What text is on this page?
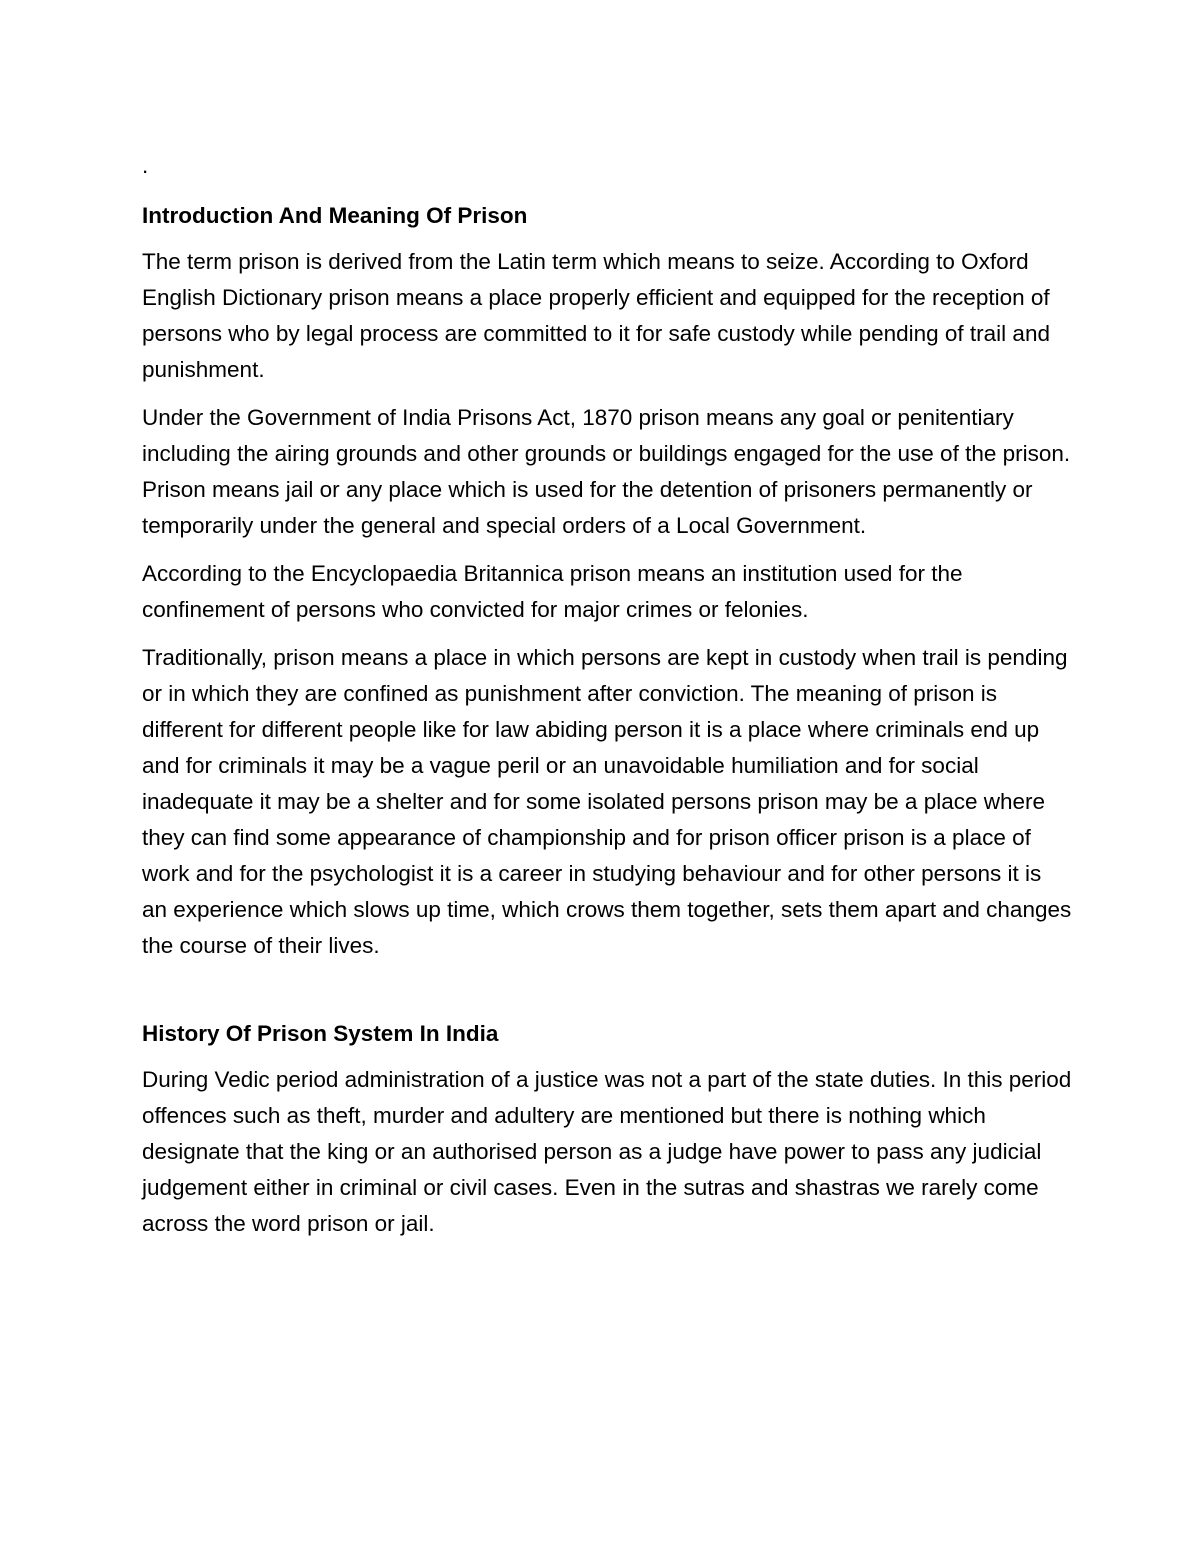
.
Introduction And Meaning Of Prison

The term prison is derived from the Latin term which means to seize. According to Oxford English Dictionary prison means a place properly efficient and equipped for the reception of persons who by legal process are committed to it for safe custody while pending of trail and punishment.

Under the Government of India Prisons Act, 1870 prison means any goal or penitentiary including the airing grounds and other grounds or buildings engaged for the use of the prison. Prison means jail or any place which is used for the detention of prisoners permanently or temporarily under the general and special orders of a Local Government.

According to the Encyclopaedia Britannica prison means an institution used for the confinement of persons who convicted for major crimes or felonies.

Traditionally, prison means a place in which persons are kept in custody when trail is pending or in which they are confined as punishment after conviction. The meaning of prison is different for different people like for law abiding person it is a place where criminals end up and for criminals it may be a vague peril or an unavoidable humiliation and for social inadequate it may be a shelter and for some isolated persons prison may be a place where they can find some appearance of championship and for prison officer prison is a place of work and for the psychologist it is a career in studying behaviour and for other persons it is an experience which slows up time, which crows them together, sets them apart and changes the course of their lives.

History Of Prison System In India

During Vedic period administration of a justice was not a part of the state duties. In this period offences such as theft, murder and adultery are mentioned but there is nothing which designate that the king or an authorised person as a judge have power to pass any judicial judgement either in criminal or civil cases. Even in the sutras and shastras we rarely come across the word prison or jail.
